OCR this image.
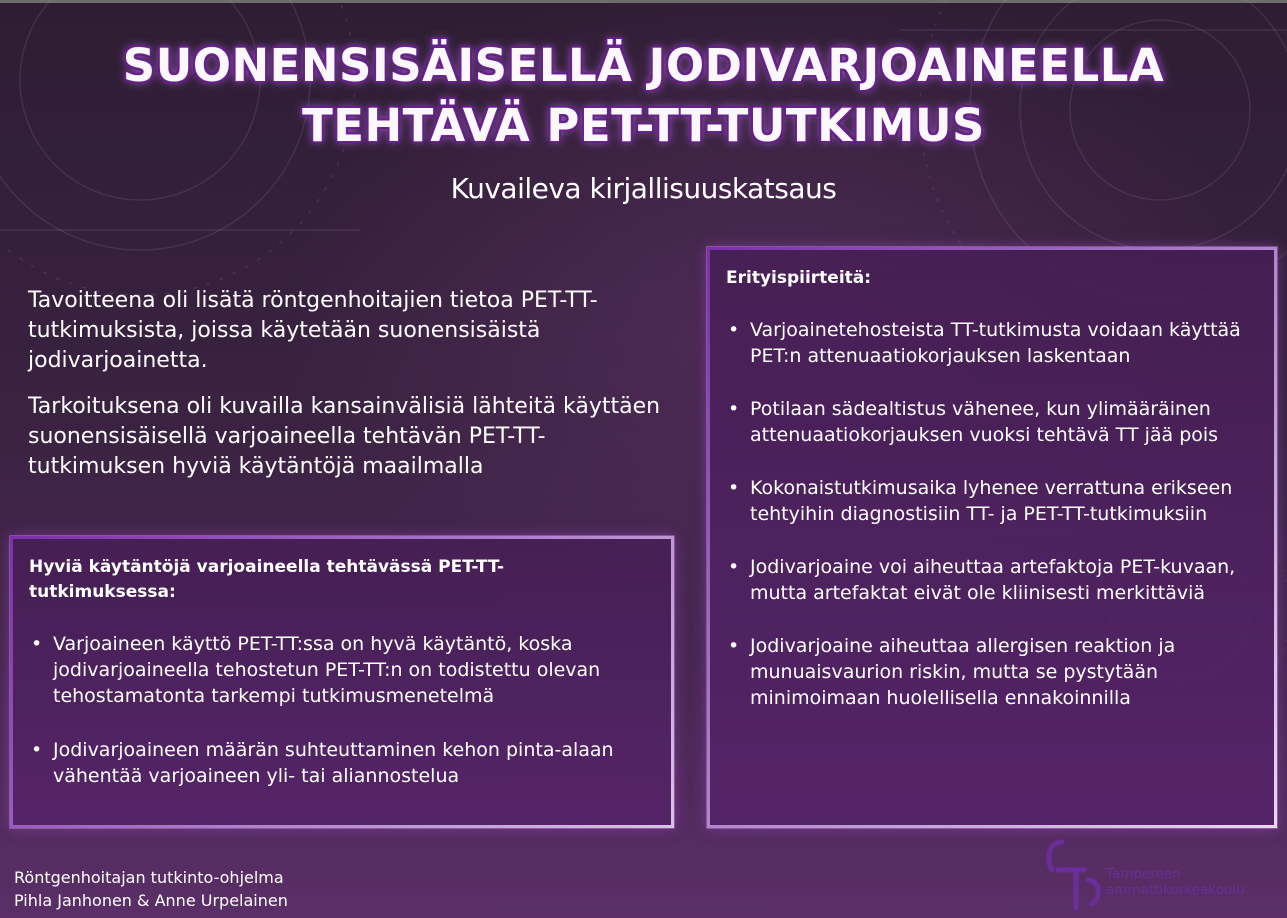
SUONENSISÄISELLÄ JODIVARJOAINEELLA
TEHTÄVÄ PET-TT-TUTKIMUS
Kuvaileva kirjallisuuskatsaus

Tavoitteena oli lisätä röntgenhoitajien tietoa PET-TT-tutkimuksista, joissa käytetään suonensisäistä jodivarjoainetta.

Tarkoituksena oli kuvailla kansainvälisiä lähteitä käyttäen suonensisäisellä varjoaineella tehtävän PET-TT-tutkimuksen hyviä käytäntöjä maailmalla

Hyviä käytäntöjä varjoaineella tehtävässä PET-TT-tutkimuksessa:
• Varjoaineen käyttö PET-TT:ssa on hyvä käytäntö, koska jodivarjoaineella tehostetun PET-TT:n on todistettu olevan tehostamatonta tarkempi tutkimusmenetelmä
• Jodivarjoaineen määrän suhteuttaminen kehon pinta-alaan vähentää varjoaineen yli- tai aliannostelua
Erityispiirteitä:
• Varjoainetehosteista TT-tutkimusta voidaan käyttää PET:n attenuaatiokorjauksen laskentaan
• Potilaan sädealtistus vähenee, kun ylimääräinen attenuaatiokorjauksen vuoksi tehtävä TT jää pois
• Kokonaistutkimusaika lyhenee verrattuna erikseen tehtyihin diagnostisiin TT- ja PET-TT-tutkimuksiin
• Jodivarjoaine voi aiheuttaa artefaktoja PET-kuvaan, mutta artefaktat eivät ole kliinisesti merkittäviä
• Jodivarjoaine aiheuttaa allergisen reaktion ja munuaisvaurion riskin, mutta se pystytään minimoimaan huolellisella ennakoinnilla
Röntgenhoitajan tutkinto-ohjelma
Pihla Janhonen & Anne Urpelainen
Tampereen
ammattikorkeakoulu
